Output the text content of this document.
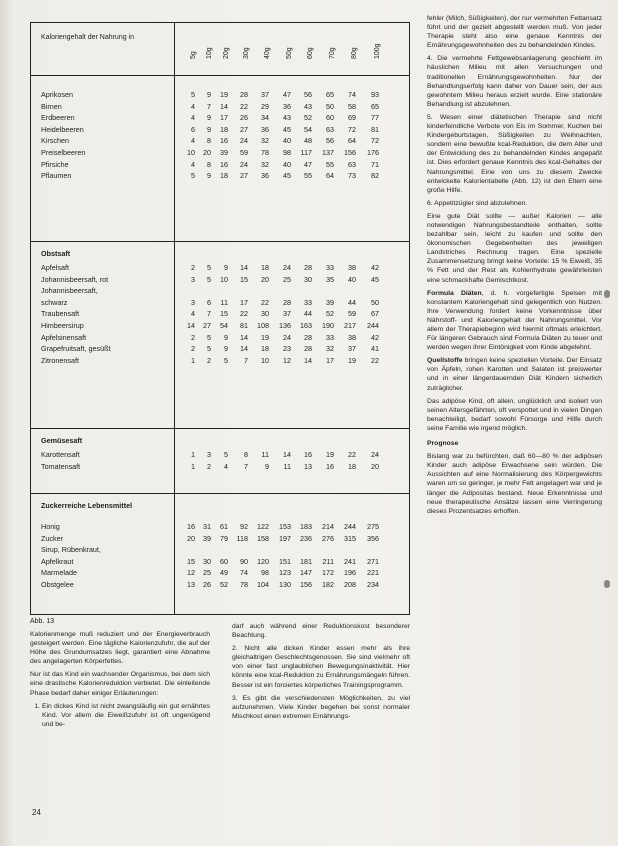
Kaloriengehalt der Nahrung in
5g 10g 20g 30g 40g 50g 60g 70g 80g 100g
Aprikosen	5	9	19	28	37	47	56	65	74	93
Birnen	4	7	14	22	29	36	43	50	58	65
Erdbeeren	4	9	17	26	34	43	52	60	69	77
Heidelbeeren	6	9	18	27	36	45	54	63	72	81
Kirschen	4	8	16	24	32	40	48	56	64	72
Preiselbeeren	10	20	39	59	78	98	117	137	156	176
Pfirsiche	4	8	16	24	32	40	47	55	63	71
Pflaumen	5	9	18	27	36	45	55	64	73	82
Obstsaft
Apfelsaft	2	5	9	14	18	24	28	33	38	42
Johannisbeersaft, rot	3	5	10	15	20	25	30	35	40	45
Johannisbeersaft,
schwarz	3	6	11	17	22	28	33	39	44	50
Traubensaft	4	7	15	22	30	37	44	52	59	67
Himbeersirup	14	27	54	81	108	136	163	190	217	244
Apfelsinensaft	2	5	9	14	19	24	28	33	38	42
Grapefruitsaft, gesüßt	2	5	9	14	18	23	28	32	37	41
Zitronensaft	1	2	5	7	10	12	14	17	19	22
Gemüsesaft
Karottensaft	1	3	5	8	11	14	16	19	22	24
Tomatensaft	1	2	4	7	9	11	13	16	18	20
Zuckerreiche Lebensmittel
Honig	16	31	61	92	122	153	183	214	244	275
Zucker	20	39	79	118	158	197	236	276	315	356
Sirup, Rübenkraut,
Apfelkraut	15	30	60	90	120	151	181	211	241	271
Marmelade	12	25	49	74	98	123	147	172	196	221
Obstgelee	13	26	52	78	104	130	156	182	208	234
Abb. 13

Kalorienmenge muß reduziert und der Energieverbrauch gesteigert werden. Eine tägliche Kalorienzufuhr, die auf der Höhe des Grundumsatzes liegt, garantiert eine Abnahme des angelagerten Körperfettes.

Nur ist das Kind ein wachsender Organismus, bei dem sich eine drastische Kalorienreduktion verbietet. Die einleitende Phase bedarf daher einiger Erläuterungen:

1. Ein dickes Kind ist nicht zwangsläufig ein gut ernährtes Kind. Vor allem die Eiweißzufuhr ist oft ungenügend und be-

darf auch während einer Reduktionskost besonderer Beachtung.

2. Nicht alle dicken Kinder essen mehr als ihre gleichaltrigen Geschlechtsgenossen. Sie sind vielmehr oft von einer fast unglaublichen Bewegungsinaktivität. Hier könnte eine kcal-Reduktion zu Ernährungsmängeln führen. Besser ist ein forciertes körperliches Trainingsprogramm.

3. Es gibt die verschiedensten Möglichkeiten, zu viel aufzunehmen. Viele Kinder begehen bei sonst normaler Mischkost einen extremen Ernährungs-

fehler (Milch, Süßigkeiten), der nur vermehrten Fettansatz führt und der gezielt abgestellt werden muß. Von jeder Therapie steht also eine genaue Kenntnis der Ernährungsgewohnheiten des zu behandelnden Kindes.

4. Die vermehrte Fettgewebsanlagerung geschieht im häuslichen Milieu mit allen Versuchungen und traditionellen Ernährungsgewohnheiten. Nur der Behandlungserfolg kann daher von Dauer sein, der aus gewohntem Milieu heraus erzielt wurde. Eine stationäre Behandlung ist abzulehnen.

5. Wesen einer diätetischen Therapie sind nicht kinderfeindliche Verbote von Eis im Sommer, Kuchen bei Kindergeburtstagen, Süßigkeiten zu Weihnachten, sondern eine bewußte kcal-Reduktion, die dem Alter und der Entwicklung des zu behandelnden Kindes angepaßt ist. Dies erfordert genaue Kenntnis des kcal-Gehaltes der Nahrungsmittel. Eine von uns zu diesem Zwecke entwickelte Kalorientabelle (Abb. 12) ist den Eltern eine große Hilfe.

6. Appetitzügler sind abzulehnen.

Eine gute Diät sollte — außer Kalorien — alle notwendigen Nahrungsbestandteile enthalten, sollte bezahlbar sein, leicht zu kaufen und sollte den ökonomischen Gegebenheiten des jeweiligen Landstriches Rechnung tragen. Eine spezielle Zusammensetzung bringt keine Vorteile: 15 % Eiweiß, 35 % Fett und der Rest als Kohlenhydrate gewährleisten eine schmackhafte Gemischtkost.

Formula Diäten, d. h. vorgefertigte Speisen mit konstantem Kaloriengehalt sind gelegentlich von Nutzen. Ihre Verwendung fordert keine Vorkenntnisse über Nährstoff- und Kaloriengehalt der Nahrungsmittel. Vor allem der Therapiebeginn wird hiermit oftmals erleichtert. Für längeren Gebrauch sind Formula Diäten zu teuer und werden wegen ihrer Eintönigkeit vom Kinde abgelehnt.

Quellstoffe bringen keine speziellen Vorteile. Der Einsatz von Äpfeln, rohen Karotten und Salaten ist preiswerter und in einer längerdauernden Diät Kindern sicherlich zuträglicher.

Das adipöse Kind, oft allein, unglücklich und isoliert von seinen Altersgefährten, oft verspottet und in vielen Dingen benachteiligt, bedarf sowohl Fürsorge und Hilfe durch seine Familie wie irgend möglich.

Prognose

Bislang war zu befürchten, daß 60—80 % der adipösen Kinder auch adipöse Erwachsene sein würden. Die Aussichten auf eine Normalisierung des Körpergewichts waren um so geringer, je mehr Fett angelagert war und je länger die Adipositas bestand. Neue Erkenntnisse und neue therapeutische Ansätze lassen eine Verringerung dieses Prozentsatzes erhoffen.

24
